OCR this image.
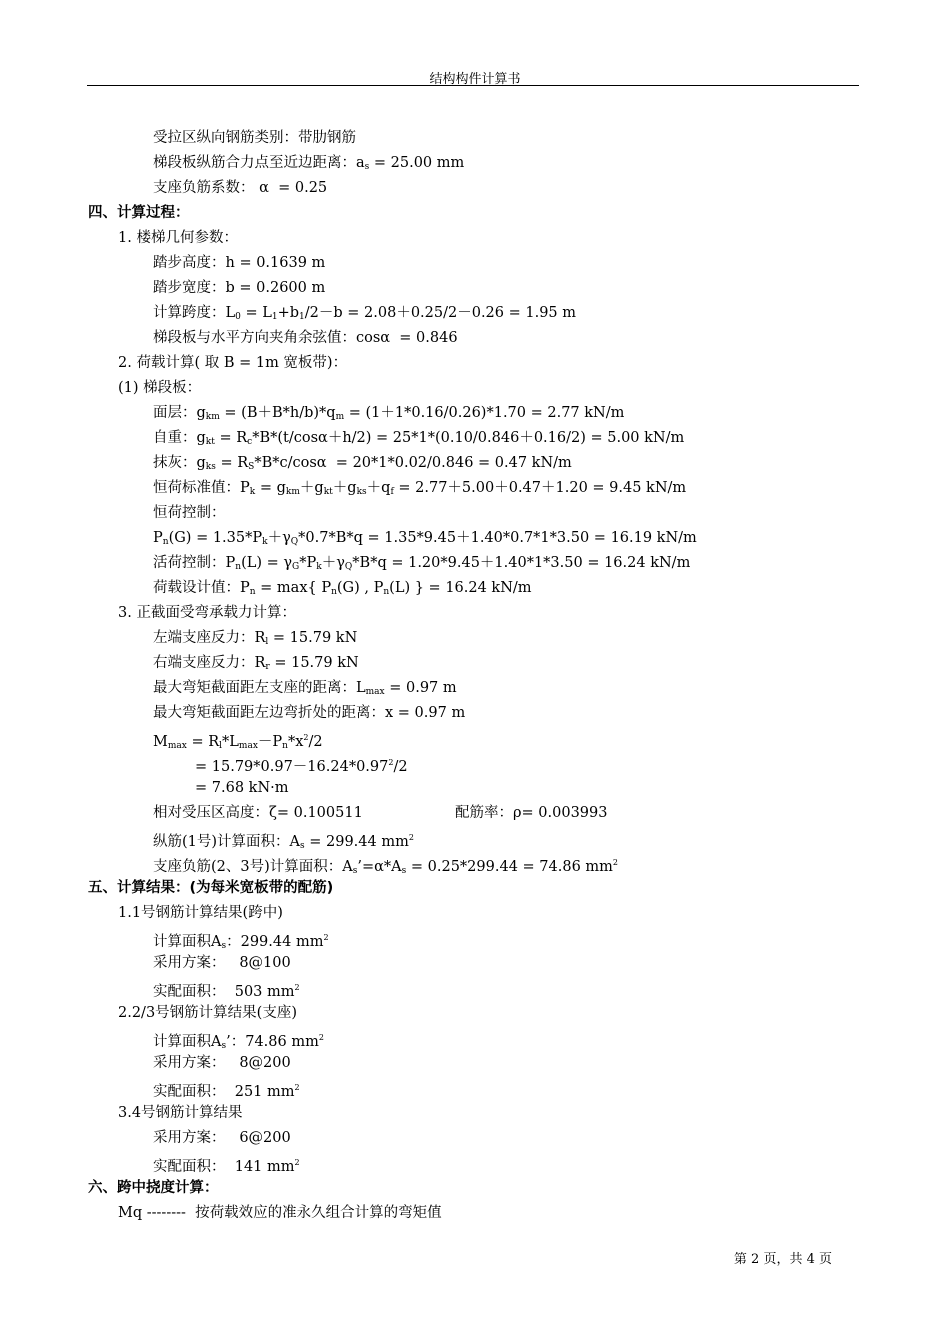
结构构件计算书
受拉区纵向钢筋类别：带肋钢筋
梯段板纵筋合力点至近边距离：$a_s = 25.00$ mm
支座负筋系数： α  = 0.25
四、计算过程：
1. 楼梯几何参数：
踏步高度：h = 0.1639 m
踏步宽度：b = 0.2600 m
计算跨度：$L_0 = L_1+b_1/2-b = 2.08+0.25/2-0.26 = 1.95$ m
梯段板与水平方向夹角余弦值：cosα  = 0.846
2. 荷载计算( 取 B = 1m 宽板带)：
(1) 梯段板：
面层：$g_{km} = (B+B*h/b)*q_m = (1+1*0.16/0.26)*1.70 = 2.77$ kN/m
自重：$g_{kt} = R_c*B*(t/\cos\alpha+h/2) = 25*1*(0.10/0.846+0.16/2) = 5.00$ kN/m
抹灰：$g_{ks} = R_S*B*c/\cos\alpha = 20*1*0.02/0.846 = 0.47$ kN/m
恒荷标准值：$P_k = g_{km}+g_{kt}+g_{ks}+q_f = 2.77+5.00+0.47+1.20 = 9.45$ kN/m
恒荷控制：
$P_n(G) = 1.35*P_k+\gamma_Q*0.7*B*q = 1.35*9.45+1.40*0.7*1*3.50 = 16.19$ kN/m
活荷控制：$P_n(L) = \gamma_G*P_k+\gamma_Q*B*q = 1.20*9.45+1.40*1*3.50 = 16.24$ kN/m
荷载设计值：$P_n = \max${ $P_n(G)$ , $P_n(L)$ } = 16.24 kN/m
3. 正截面受弯承载力计算：
左端支座反力：$R_l = 15.79$ kN
右端支座反力：$R_r = 15.79$ kN
最大弯矩截面距左支座的距离：$L_{max} = 0.97$ m
最大弯矩截面距左边弯折处的距离：x = 0.97 m
$M_{max} = R_l*L_{max}-P_n*x^2/2$
= $15.79*0.97-16.24*0.97^2/2$
= 7.68 kN·m
相对受压区高度：ζ= 0.100511	配筋率：ρ= 0.003993
纵筋(1号)计算面积：$A_s = 299.44$ $mm^2$
支座负筋(2、3号)计算面积：$A_s’=\alpha*A_s = 0.25*299.44 = 74.86$ $mm^2$
五、计算结果：(为每米宽板带的配筋)
1.1号钢筋计算结果(跨中)
计算面积$A_s$：299.44 $mm^2$
采用方案：   8@100
实配面积：  503 $mm^2$
2.2/3号钢筋计算结果(支座)
计算面积$A_s$’：74.86 $mm^2$
采用方案：   8@200
实配面积：  251 $mm^2$
3.4号钢筋计算结果
采用方案：   6@200
实配面积：  141 $mm^2$
六、跨中挠度计算：
Mq --------  按荷载效应的准永久组合计算的弯矩值
第 2 页，共 4 页
